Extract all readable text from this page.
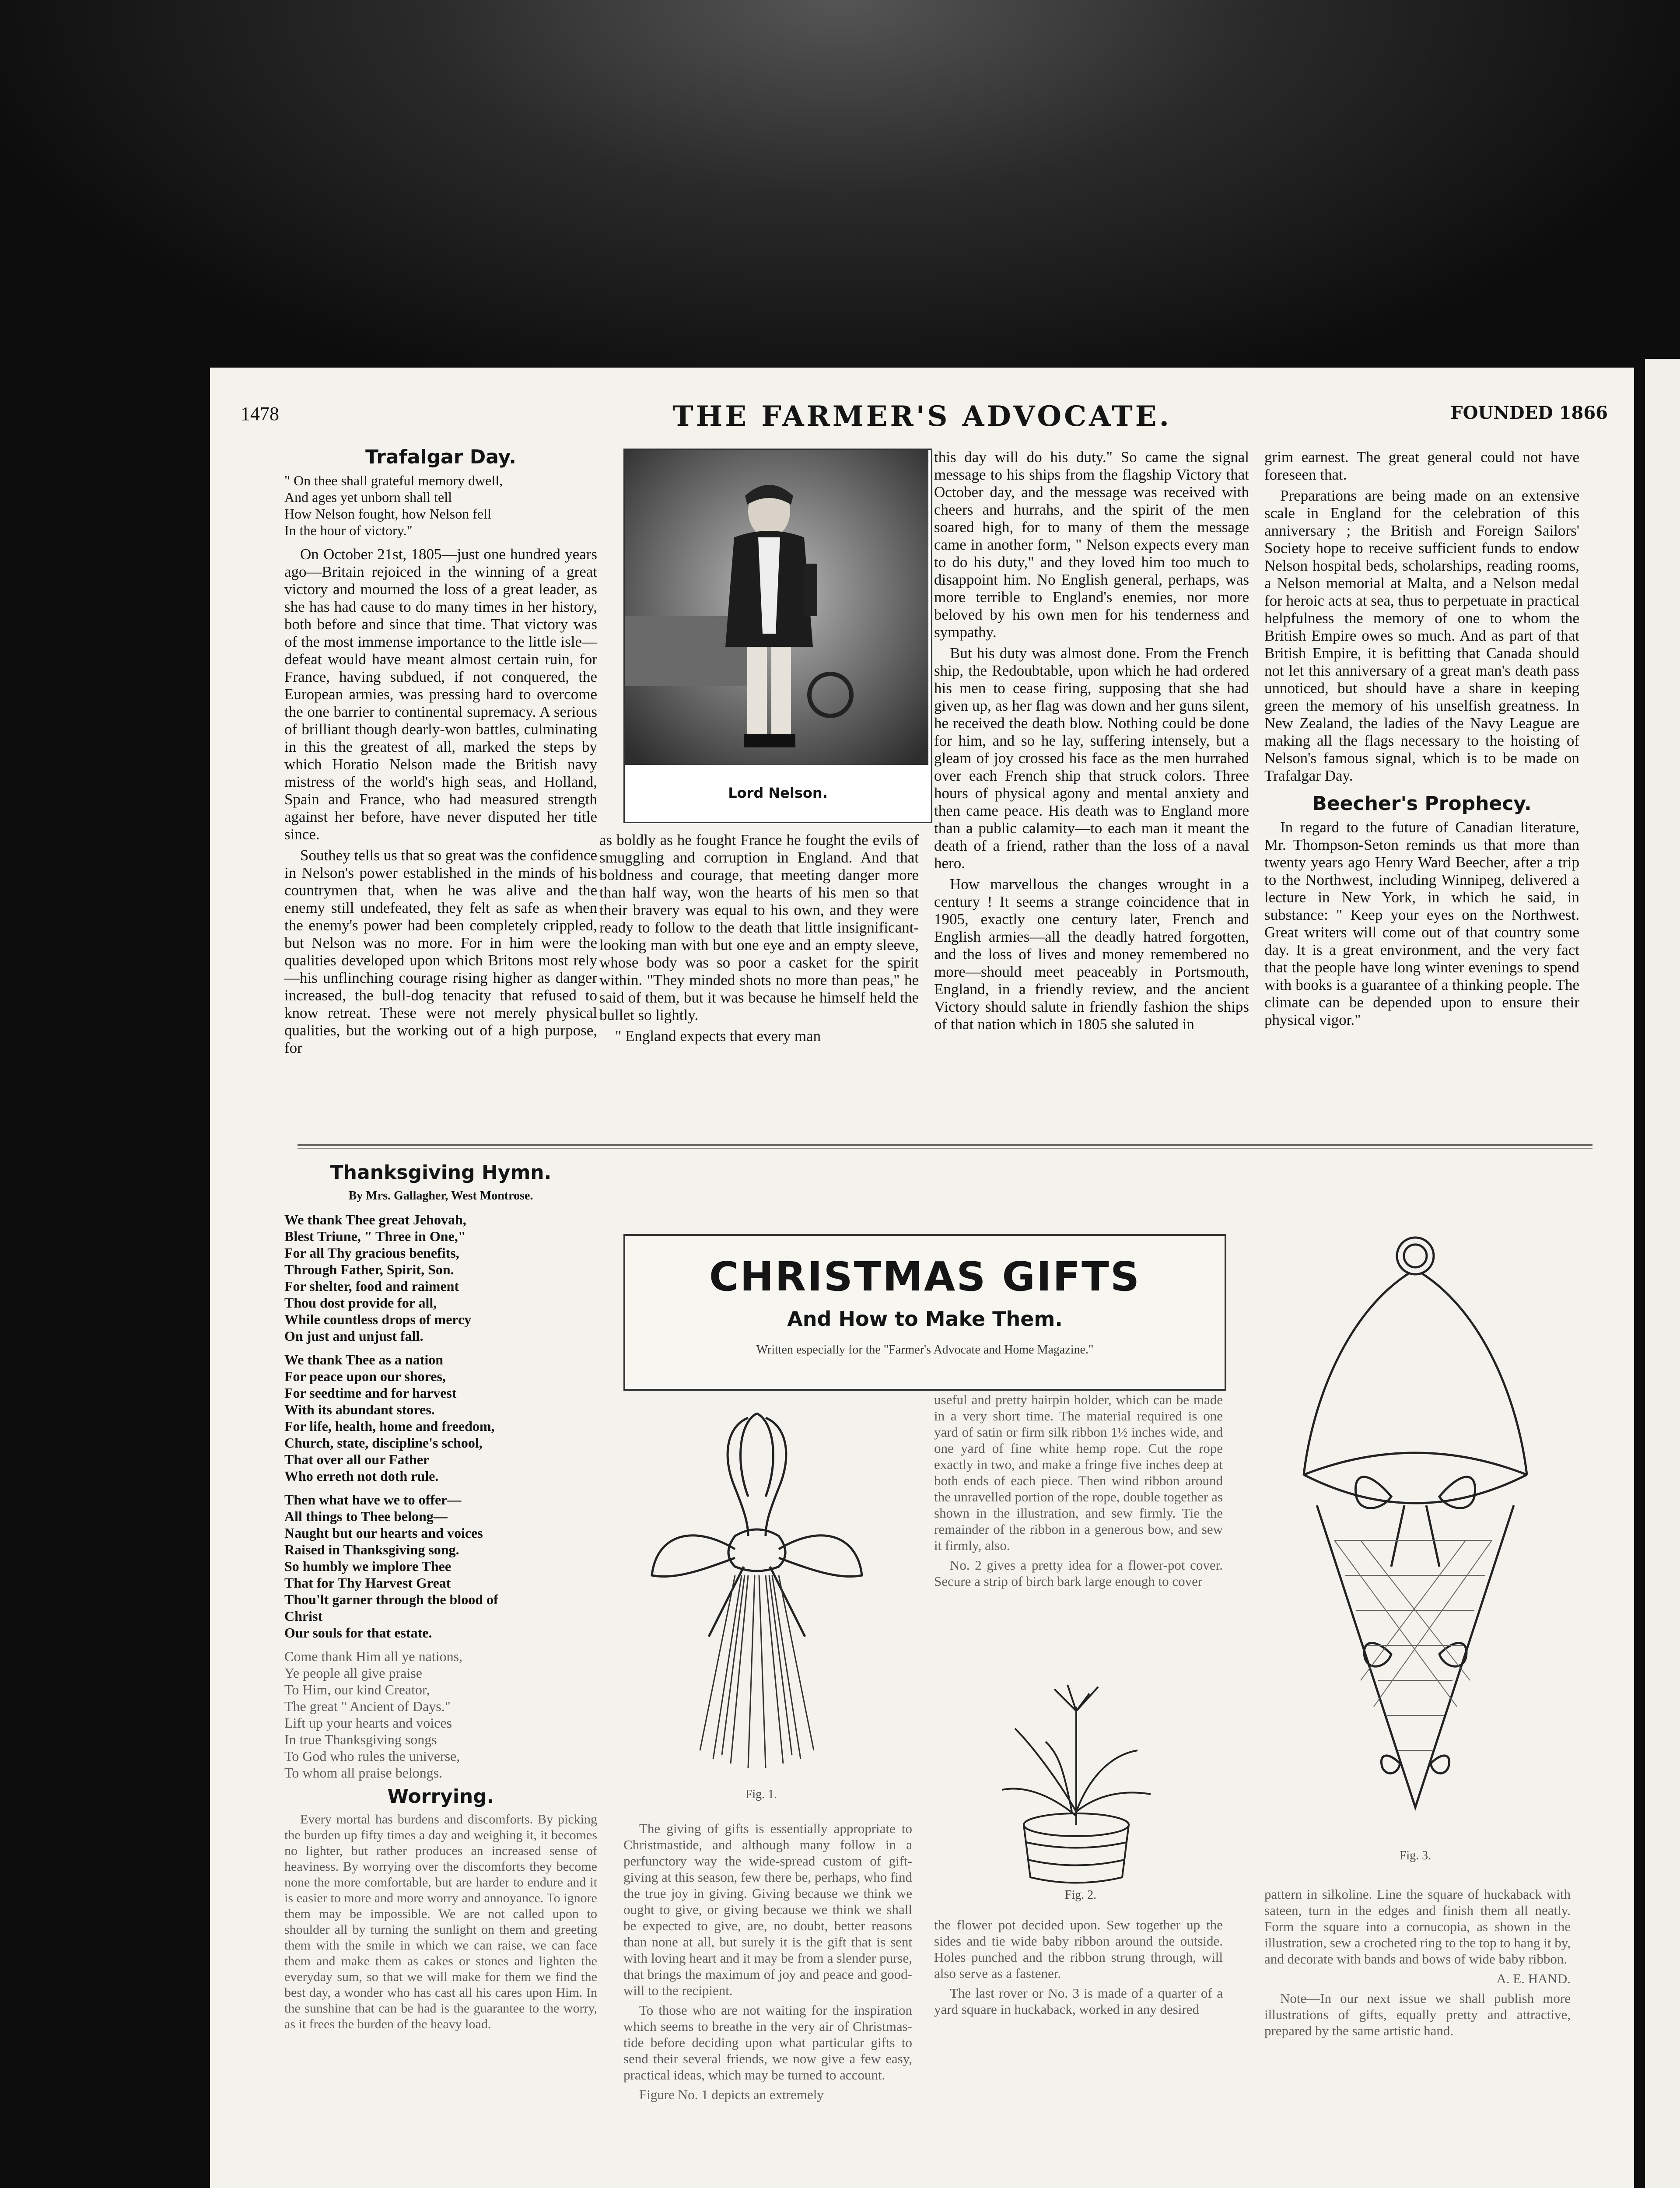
1478	THE FARMER'S ADVOCATE.	FOUNDED 1866
Trafalgar Day.
" On thee shall grateful memory dwell,
And ages yet unborn shall tell
How Nelson fought, how Nelson fell
In the hour of victory."

On October 21st, 1805—just one hundred years ago—Britain rejoiced in the winning of a great victory and mourned the loss of a great leader, as she has had cause to do many times in her history, both before and since that time. That victory was of the most immense importance to the little isle—defeat would have meant almost certain ruin, for France, having subdued, if not conquered, the European armies, was pressing hard to overcome the one barrier to continental supremacy. A serious of brilliant though dearly-won battles, culminating in this the greatest of all, marked the steps by which Horatio Nelson made the British navy mistress of the world's high seas, and Holland, Spain and France, who had measured strength against her before, have never disputed her title since.

Southey tells us that so great was the confidence in Nelson's power established in the minds of his countrymen that, when he was alive and the enemy still undefeated, they felt as safe as when the enemy's power had been completely crippled, but Nelson was no more. For in him were the qualities developed upon which Britons most rely—his unflinching courage rising higher as danger increased, the bull-dog tenacity that refused to know retreat. These were not merely physical qualities, but the working out of a high purpose, for

Lord Nelson.

as boldly as he fought France he fought the evils of smuggling and corruption in England. And that boldness and courage, that meeting danger more than half way, won the hearts of his men so that their bravery was equal to his own, and they were ready to follow to the death that little insignificant-looking man with but one eye and an empty sleeve, whose body was so poor a casket for the spirit within. "They minded shots no more than peas," he said of them, but it was because he himself held the bullet so lightly.

" England expects that every man

this day will do his duty." So came the signal message to his ships from the flagship Victory that October day, and the message was received with cheers and hurrahs, and the spirit of the men soared high, for to many of them the message came in another form, " Nelson expects every man to do his duty," and they loved him too much to disappoint him. No English general, perhaps, was more terrible to England's enemies, nor more beloved by his own men for his tenderness and sympathy.

But his duty was almost done. From the French ship, the Redoubtable, upon which he had ordered his men to cease firing, supposing that she had given up, as her flag was down and her guns silent, he received the death blow. Nothing could be done for him, and so he lay, suffering intensely, but a gleam of joy crossed his face as the men hurrahed over each French ship that struck colors. Three hours of physical agony and mental anxiety and then came peace. His death was to England more than a public calamity—to each man it meant the death of a friend, rather than the loss of a naval hero.

How marvellous the changes wrought in a century ! It seems a strange coincidence that in 1905, exactly one century later, French and English armies—all the deadly hatred forgotten, and the loss of lives and money remembered no more—should meet peaceably in Portsmouth, England, in a friendly review, and the ancient Victory should salute in friendly fashion the ships of that nation which in 1805 she saluted in

grim earnest. The great general could not have foreseen that.

Preparations are being made on an extensive scale in England for the celebration of this anniversary ; the British and Foreign Sailors' Society hope to receive sufficient funds to endow Nelson hospital beds, scholarships, reading rooms, a Nelson memorial at Malta, and a Nelson medal for heroic acts at sea, thus to perpetuate in practical helpfulness the memory of one to whom the British Empire owes so much. And as part of that British Empire, it is befitting that Canada should not let this anniversary of a great man's death pass unnoticed, but should have a share in keeping green the memory of his unselfish greatness. In New Zealand, the ladies of the Navy League are making all the flags necessary to the hoisting of Nelson's famous signal, which is to be made on Trafalgar Day.

Beecher's Prophecy.

In regard to the future of Canadian literature, Mr. Thompson-Seton reminds us that more than twenty years ago Henry Ward Beecher, after a trip to the Northwest, including Winnipeg, delivered a lecture in New York, in which he said, in substance: " Keep your eyes on the Northwest. Great writers will come out of that country some day. It is a great environment, and the very fact that the people have long winter evenings to spend with books is a guarantee of a thinking people. The climate can be depended upon to ensure their physical vigor."

Thanksgiving Hymn.
By Mrs. Gallagher, West Montrose.
We thank Thee great Jehovah,
Blest Triune, " Three in One,"
For all Thy gracious benefits,
Through Father, Spirit, Son.
For shelter, food and raiment
Thou dost provide for all,
While countless drops of mercy
On just and unjust fall.
We thank Thee as a nation
For peace upon our shores,
For seedtime and for harvest
With its abundant stores.
For life, health, home and freedom,
Church, state, discipline's school,
That over all our Father
Who erreth not doth rule.
Then what have we to offer—
All things to Thee belong—
Naught but our hearts and voices
Raised in Thanksgiving song.
So humbly we implore Thee
That for Thy Harvest Great
Thou'lt garner through the blood of
Christ
Our souls for that estate.
Come thank Him all ye nations,
Ye people all give praise
To Him, our kind Creator,
The great " Ancient of Days."
Lift up your hearts and voices
In true Thanksgiving songs
To God who rules the universe,
To whom all praise belongs.
Worrying.

Every mortal has burdens and discomforts. By picking the burden up fifty times a day and weighing it, it becomes no lighter, but rather produces an increased sense of heaviness. By worrying over the discomforts they become none the more comfortable, but are harder to endure and it is easier to more and more worry and annoyance. To ignore them may be impossible. We are not called upon to shoulder all by turning the sunlight on them and greeting them with the smile in which we can raise, we can face them and make them as cakes or stones and lighten the everyday sum, so that we will make for them we find the best day, a wonder who has cast all his cares upon Him. In the sunshine that can be had is the guarantee to the worry, as it frees the burden of the heavy load.

CHRISTMAS GIFTS
And How to Make Them.
Written especially for the "Farmer's Advocate and Home Magazine."
Fig. 1.

The giving of gifts is essentially appropriate to Christmastide, and although many follow in a perfunctory way the wide-spread custom of gift-giving at this season, few there be, perhaps, who find the true joy in giving. Giving because we think we ought to give, or giving because we think we shall be expected to give, are, no doubt, better reasons than none at all, but surely it is the gift that is sent with loving heart and it may be from a slender purse, that brings the maximum of joy and peace and good-will to the recipient.

To those who are not waiting for the inspiration which seems to breathe in the very air of Christmas-tide before deciding upon what particular gifts to send their several friends, we now give a few easy, practical ideas, which may be turned to account.

Figure No. 1 depicts an extremely

useful and pretty hairpin holder, which can be made in a very short time. The material required is one yard of satin or firm silk ribbon 1½ inches wide, and one yard of fine white hemp rope. Cut the rope exactly in two, and make a fringe five inches deep at both ends of each piece. Then wind ribbon around the unravelled portion of the rope, double together as shown in the illustration, and sew firmly. Tie the remainder of the ribbon in a generous bow, and sew it firmly, also.

No. 2 gives a pretty idea for a flower-pot cover. Secure a strip of birch bark large enough to cover

Fig. 2.

the flower pot decided upon. Sew together up the sides and tie wide baby ribbon around the outside. Holes punched and the ribbon strung through, will also serve as a fastener.

The last rover or No. 3 is made of a quarter of a yard square in huckaback, worked in any desired

Fig. 3.

pattern in silkoline. Line the square of huckaback with sateen, turn in the edges and finish them all neatly. Form the square into a cornucopia, as shown in the illustration, sew a crocheted ring to the top to hang it by, and decorate with bands and bows of wide baby ribbon.

A. E. HAND.

Note—In our next issue we shall publish more illustrations of gifts, equally pretty and attractive, prepared by the same artistic hand.
